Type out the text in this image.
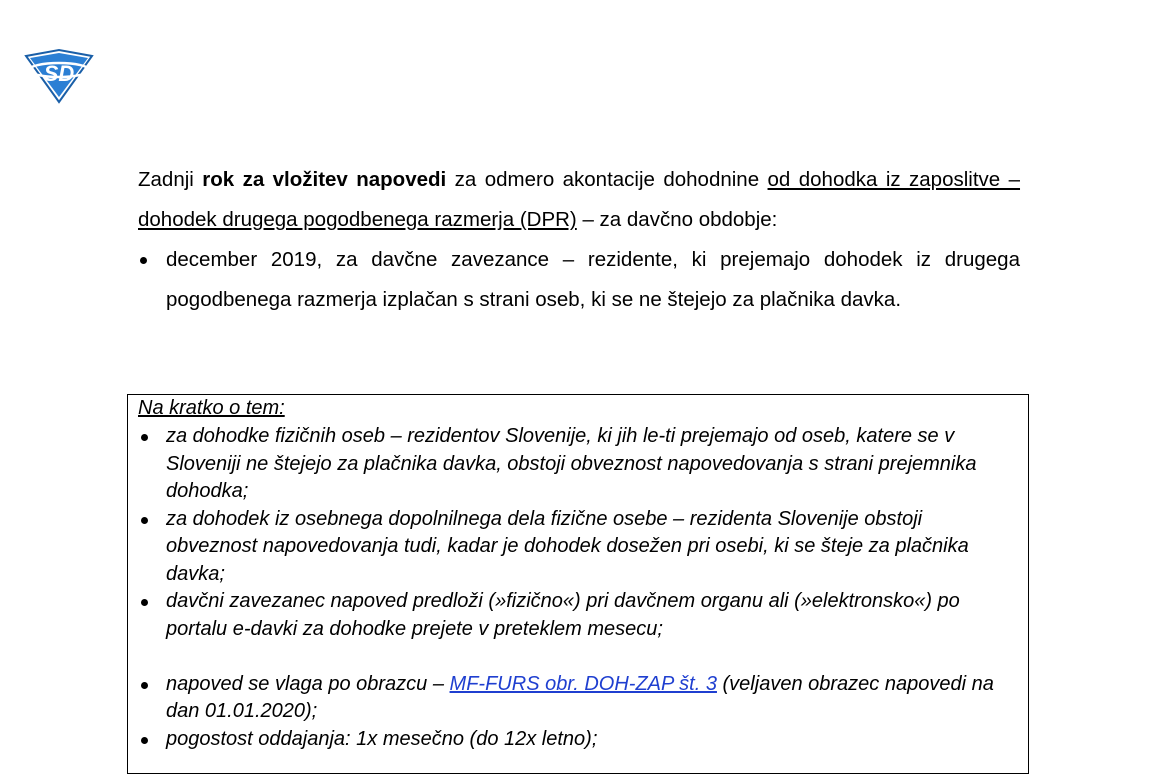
SD

Zadnji rok za vložitev napovedi za odmero akontacije dohodnine od dohodka iz zaposlitve – dohodek drugega pogodbenega razmerja (DPR) – za davčno obdobje:

december 2019, za davčne zavezance – rezidente, ki prejemajo dohodek iz drugega pogodbenega razmerja izplačan s strani oseb, ki se ne štejejo za plačnika davka.

Na kratko o tem:

za dohodke fizičnih oseb – rezidentov Slovenije, ki jih le-ti prejemajo od oseb, katere se v Sloveniji ne štejejo za plačnika davka, obstoji obveznost napovedovanja s strani prejemnika dohodka;
za dohodek iz osebnega dopolnilnega dela fizične osebe – rezidenta Slovenije obstoji obveznost napovedovanja tudi, kadar je dohodek dosežen pri osebi, ki se šteje za plačnika davka;
davčni zavezanec napoved predloži (»fizično«) pri davčnem organu ali (»elektronsko«) po portalu e-davki za dohodke prejete v preteklem mesecu;
napoved se vlaga po obrazcu – MF-FURS obr. DOH-ZAP št. 3 (veljaven obrazec napovedi na dan 01.01.2020);
pogostost oddajanja: 1x mesečno (do 12x letno);
